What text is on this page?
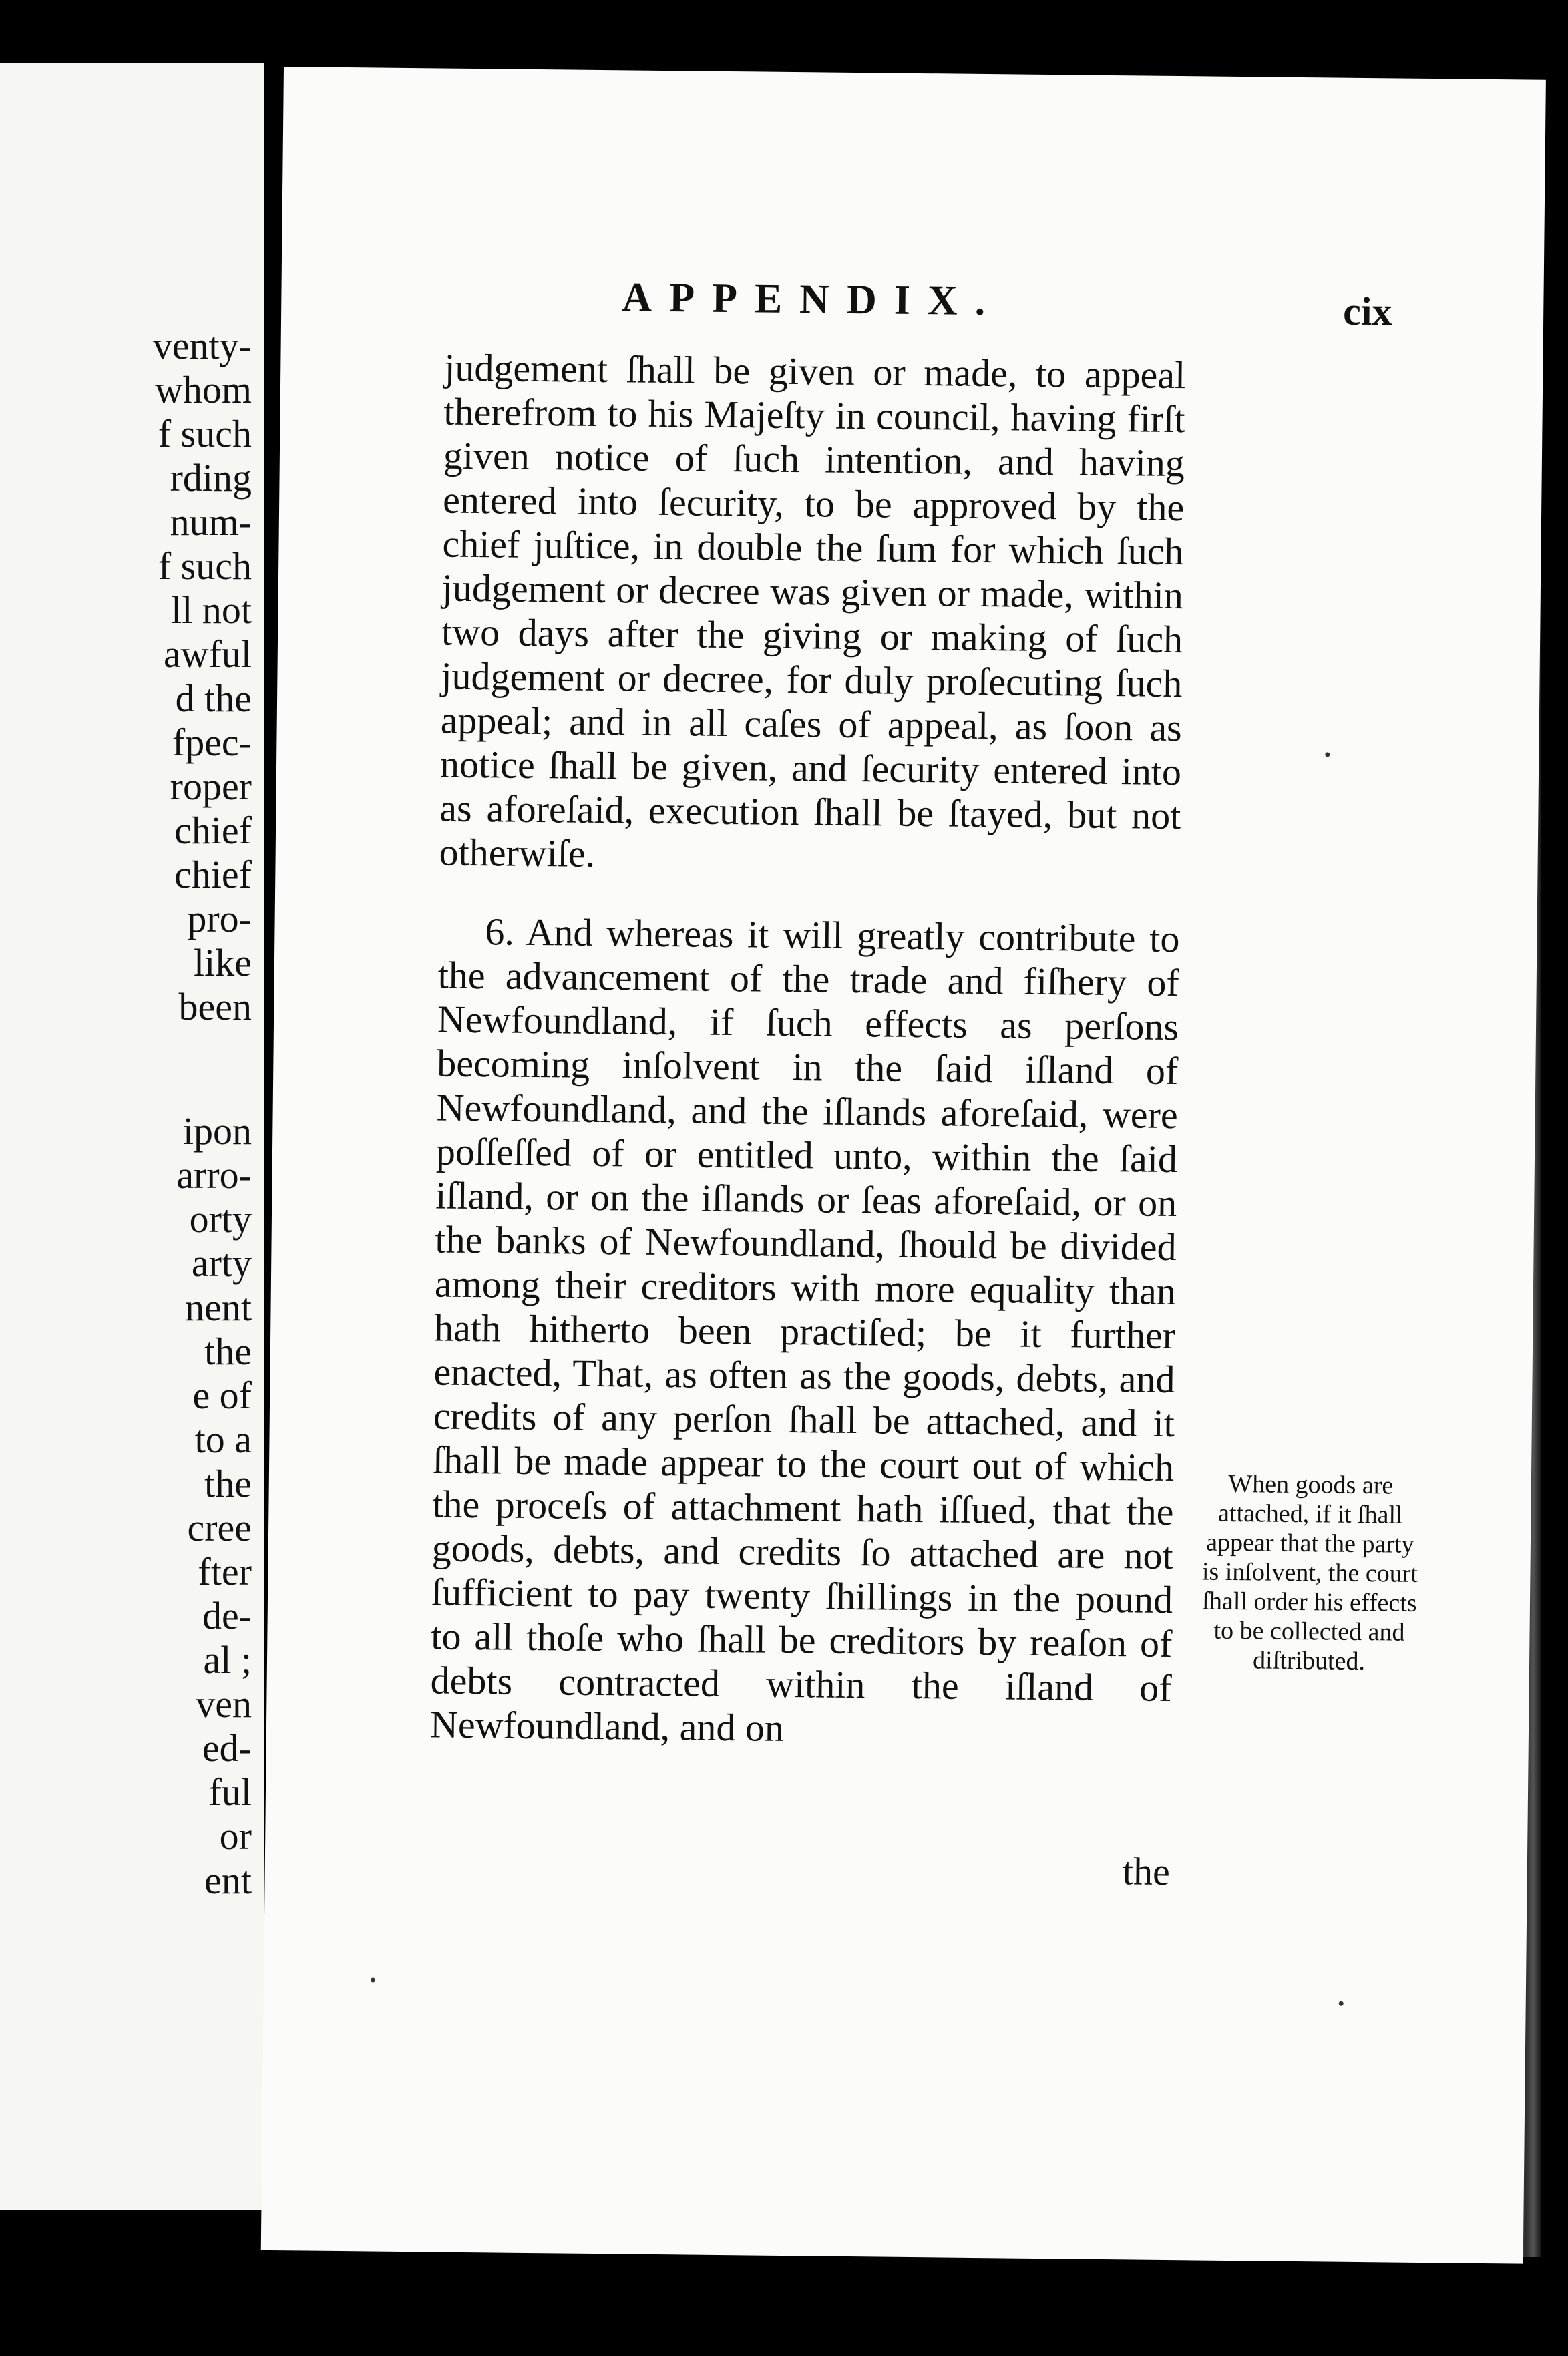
venty-
whom
f such
rding
num-
f such
ll not
awful
d the
fpec-
roper
chief
chief
pro-
like
been
ipon
arro-
orty
arty
nent
the
e of
to a
the
cree
fter
de-
al ;
ven
ed-
ful
or
ent
APPENDIX.	cix

judgement ſhall be given or made, to appeal therefrom to his Majeſty in council, having firſt given notice of ſuch intention, and having entered into ſecurity, to be approved by the chief juſtice, in double the ſum for which ſuch judgement or decree was given or made, within two days after the giving or making of ſuch judgement or decree, for duly proſecuting ſuch appeal; and in all caſes of appeal, as ſoon as notice ſhall be given, and ſecurity entered into as aforeſaid, execution ſhall be ſtayed, but not otherwiſe.

6. And whereas it will greatly contribute to the advancement of the trade and fiſhery of Newfoundland, if ſuch effects as perſons becoming inſolvent in the ſaid iſland of Newfoundland, and the iſlands aforeſaid, were poſſeſſed of or entitled unto, within the ſaid iſland, or on the iſlands or ſeas aforeſaid, or on the banks of Newfoundland, ſhould be divided among their creditors with more equality than hath hitherto been practiſed; be it further enacted, That, as often as the goods, debts, and credits of any perſon ſhall be attached, and it ſhall be made appear to the court out of which the proceſs of attachment hath iſſued, that the goods, debts, and credits ſo attached are not ſufficient to pay twenty ſhillings in the pound to all thoſe who ſhall be creditors by reaſon of debts contracted within the iſland of Newfoundland, and on

the
When goods are attached, if it ſhall appear that the party is inſolvent, the court ſhall order his effects to be collected and diſtributed.
